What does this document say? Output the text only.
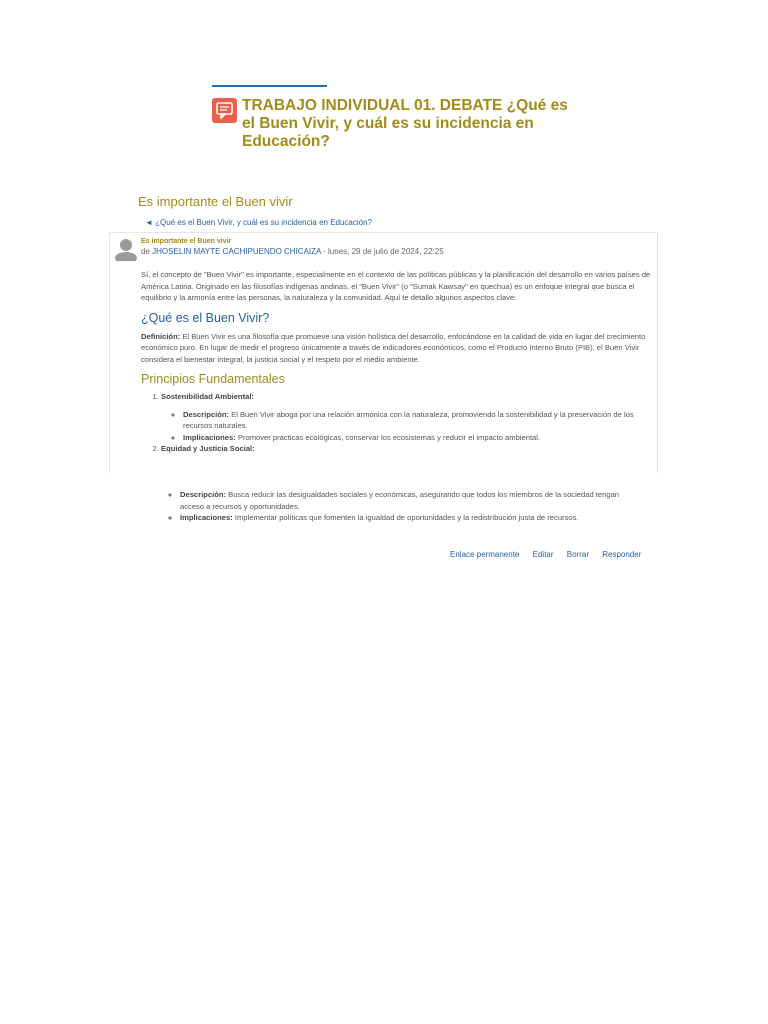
TRABAJO INDIVIDUAL 01. DEBATE ¿Qué es el Buen Vivir, y cuál es su incidencia en Educación?
Es importante el Buen vivir
◄ ¿Qué es el Buen Vivir, y cuál es su incidencia en Educación?
Es importante el Buen vivir
de JHOSELIN MAYTE CACHIPUENDO CHICAIZA - lunes, 29 de julio de 2024, 22:25

Sí, el concepto de "Buen Vivir" es importante, especialmente en el contexto de las políticas públicas y la planificación del desarrollo en varios países de América Latina. Originado en las filosofías indígenas andinas, el "Buen Vivir" (o "Sumak Kawsay" en quechua) es un enfoque integral que busca el equilibrio y la armonía entre las personas, la naturaleza y la comunidad. Aquí te detallo algunos aspectos clave:

¿Qué es el Buen Vivir?

Definición: El Buen Vivir es una filosofía que promueve una visión holística del desarrollo, enfocándose en la calidad de vida en lugar del crecimiento económico puro. En lugar de medir el progreso únicamente a través de indicadores económicos, como el Producto Interno Bruto (PIB), el Buen Vivir considera el bienestar integral, la justicia social y el respeto por el medio ambiente.

Principios Fundamentales
1. Sostenibilidad Ambiental:
◦ Descripción: El Buen Vivir aboga por una relación armónica con la naturaleza, promoviendo la sostenibilidad y la preservación de los recursos naturales.
◦ Implicaciones: Promover prácticas ecológicas, conservar los ecosistemas y reducir el impacto ambiental.
2. Equidad y Justicia Social:
◦ Descripción: Busca reducir las desigualdades sociales y económicas, asegurando que todos los miembros de la sociedad tengan acceso a recursos y oportunidades.
◦ Implicaciones: Implementar políticas que fomenten la igualdad de oportunidades y la redistribución justa de recursos.
Enlace permanente Editar Borrar Responder
